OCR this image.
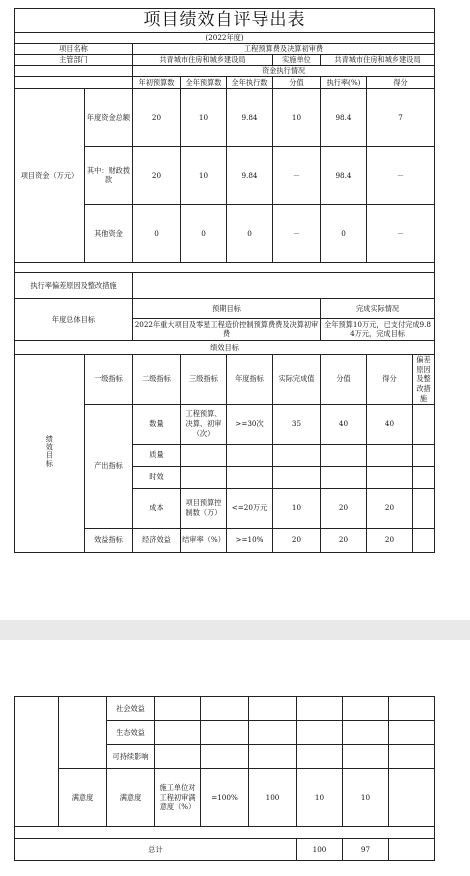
项目绩效自评导出表								
(2022年度)								
项目名称		工程预算费及决算初审费						
主管部门		共青城市住房和城乡建设局			实施单位	共青城市住房和城乡建设局		
		资金执行情况						
		年初预算数	全年预算数	全年执行数	分值	执行率(%)	得分	
项目资金（万元）	年度资金总额	20	10	9.84	10	98.4	7	
	其中：财政拨款	20	10	9.84	－	98.4	－	
	其他资金	0	0	0	－	0	－	

执行率偏差原因及整改措施								
年度总体目标		预期目标				完成实际情况		
		2022年重大项目及零星工程造价控制预算费费及决算初审费				全年预算10万元，已支付完成9.84万元，完成目标		
绩效目标								
绩效目标	一级指标	二级指标	三级指标	年度指标	实际完成值	分值	得分	偏差原因及整改措施
	产出指标	数量	工程预算、决算、初审（次）	>=30次	35	40	40	
		质量						
		时效						
		成本	项目预算控制数（万）	<=20万元	10	20	20	
	效益指标	经济效益	结审率（%）	>=10%	20	20	20	
		社会效益						
		生态效益						
		可持续影响						
	满意度	满意度	施工单位对工程初审满意度（%）	=100%	100	10	10	

总计						100	97	
